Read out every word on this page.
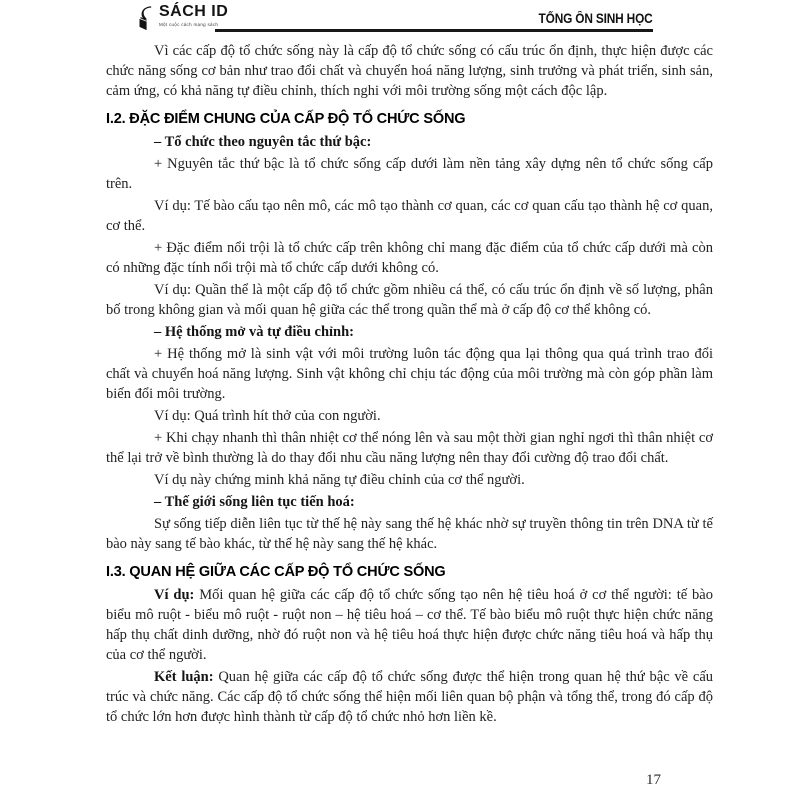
SÁCH ID
Một cuộc cách mạng sách	TỔNG ÔN SINH HỌC

Vì các cấp độ tổ chức sống này là cấp độ tổ chức sống có cấu trúc ổn định, thực hiện được các chức năng sống cơ bản như trao đổi chất và chuyển hoá năng lượng, sinh trưởng và phát triển, sinh sản, cảm ứng, có khả năng tự điều chỉnh, thích nghi với môi trường sống một cách độc lập.

I.2. ĐẶC ĐIỂM CHUNG CỦA CẤP ĐỘ TỔ CHỨC SỐNG

– Tổ chức theo nguyên tắc thứ bậc:

+ Nguyên tắc thứ bậc là tổ chức sống cấp dưới làm nền tảng xây dựng nên tổ chức sống cấp trên.

Ví dụ: Tế bào cấu tạo nên mô, các mô tạo thành cơ quan, các cơ quan cấu tạo thành hệ cơ quan, cơ thể.

+ Đặc điểm nổi trội là tổ chức cấp trên không chỉ mang đặc điểm của tổ chức cấp dưới mà còn có những đặc tính nổi trội mà tổ chức cấp dưới không có.

Ví dụ: Quần thể là một cấp độ tổ chức gồm nhiều cá thể, có cấu trúc ổn định về số lượng, phân bố trong không gian và mối quan hệ giữa các thể trong quần thể mà ở cấp độ cơ thể không có.

– Hệ thống mở và tự điều chỉnh:

+ Hệ thống mở là sinh vật với môi trường luôn tác động qua lại thông qua quá trình trao đổi chất và chuyển hoá năng lượng. Sinh vật không chỉ chịu tác động của môi trường mà còn góp phần làm biến đổi môi trường.

Ví dụ: Quá trình hít thở của con người.

+ Khi chạy nhanh thì thân nhiệt cơ thể nóng lên và sau một thời gian nghỉ ngơi thì thân nhiệt cơ thể lại trở về bình thường là do thay đổi nhu cầu năng lượng nên thay đổi cường độ trao đổi chất.

Ví dụ này chứng minh khả năng tự điều chỉnh của cơ thể người.

– Thế giới sống liên tục tiến hoá:

Sự sống tiếp diễn liên tục từ thế hệ này sang thế hệ khác nhờ sự truyền thông tin trên DNA từ tế bào này sang tế bào khác, từ thế hệ này sang thế hệ khác.

I.3. QUAN HỆ GIỮA CÁC CẤP ĐỘ TỔ CHỨC SỐNG

Ví dụ: Mối quan hệ giữa các cấp độ tổ chức sống tạo nên hệ tiêu hoá ở cơ thể người: tế bào biểu mô ruột - biểu mô ruột - ruột non – hệ tiêu hoá – cơ thể. Tế bào biểu mô ruột thực hiện chức năng hấp thụ chất dinh dưỡng, nhờ đó ruột non và hệ tiêu hoá thực hiện được chức năng tiêu hoá và hấp thụ của cơ thể người.

Kết luận: Quan hệ giữa các cấp độ tổ chức sống được thể hiện trong quan hệ thứ bậc về cấu trúc và chức năng. Các cấp độ tổ chức sống thể hiện mối liên quan bộ phận và tổng thể, trong đó cấp độ tổ chức lớn hơn được hình thành từ cấp độ tổ chức nhỏ hơn liền kề.

17
